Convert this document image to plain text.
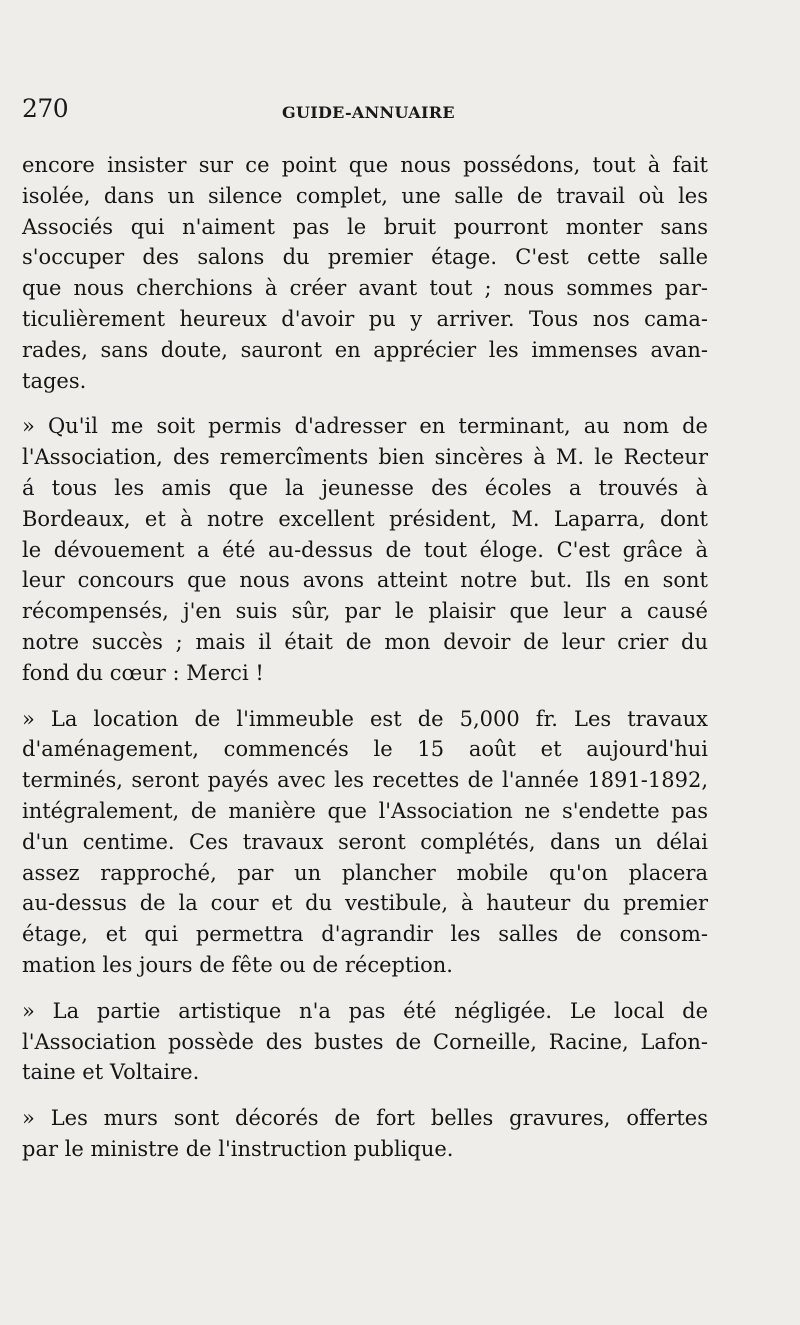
270	GUIDE-ANNUAIRE
encore insister sur ce point que nous possédons, tout à fait
isolée, dans un silence complet, une salle de travail où les
Associés qui n'aiment pas le bruit pourront monter sans
s'occuper des salons du premier étage. C'est cette salle
que nous cherchions à créer avant tout ; nous sommes par-
ticulièrement heureux d'avoir pu y arriver. Tous nos cama-
rades, sans doute, sauront en apprécier les immenses avan-
tages.
» Qu'il me soit permis d'adresser en terminant, au nom de
l'Association, des remercîments bien sincères à M. le Recteur
á tous les amis que la jeunesse des écoles a trouvés à
Bordeaux, et à notre excellent président, M. Laparra, dont
le dévouement a été au-dessus de tout éloge. C'est grâce à
leur concours que nous avons atteint notre but. Ils en sont
récompensés, j'en suis sûr, par le plaisir que leur a causé
notre succès ; mais il était de mon devoir de leur crier du
fond du cœur : Merci !
» La location de l'immeuble est de 5,000 fr. Les travaux
d'aménagement, commencés le 15 août et aujourd'hui
terminés, seront payés avec les recettes de l'année 1891-1892,
intégralement, de manière que l'Association ne s'endette pas
d'un centime. Ces travaux seront complétés, dans un délai
assez rapproché, par un plancher mobile qu'on placera
au-dessus de la cour et du vestibule, à hauteur du premier
étage, et qui permettra d'agrandir les salles de consom-
mation les jours de fête ou de réception.
» La partie artistique n'a pas été négligée. Le local de
l'Association possède des bustes de Corneille, Racine, Lafon-
taine et Voltaire.
» Les murs sont décorés de fort belles gravures, offertes
par le ministre de l'instruction publique.
